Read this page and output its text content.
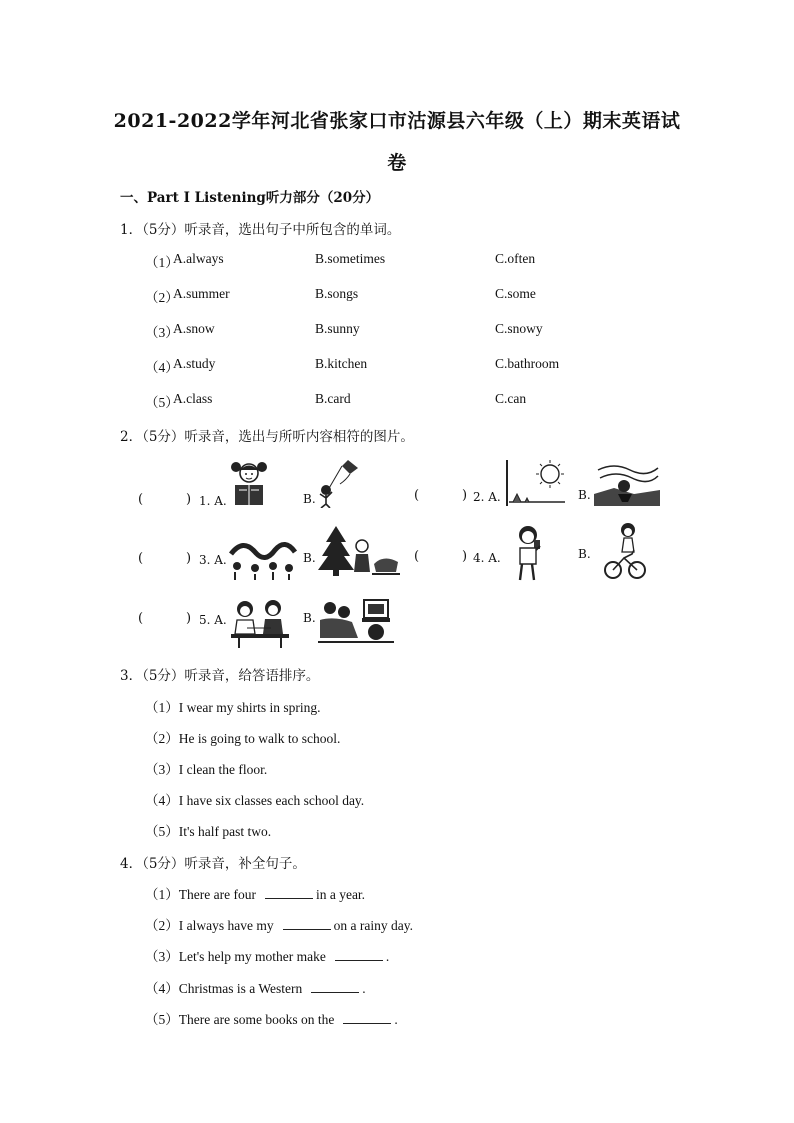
2021-2022学年河北省张家口市沽源县六年级（上）期末英语试
卷
一、Part I Listening听力部分（20分）
1．（5分）听录音，选出句子中所包含的单词。
（1）
A.always	B.sometimes	C.often
（2）
A.summer	B.songs	C.some
（3）
A.snow	B.sunny	C.snowy
（4）
A.study	B.kitchen	C.bathroom
（5）
A.class	B.card	C.can
2．（5分）听录音，选出与所听内容相符的图片。
(	) 1. A.	B.	(	) 2. A.	B.
(	) 3. A.	B.	(	) 4. A.	B.
(	) 5. A.	B.
3．（5分）听录音，给答语排序。
（1）I wear my shirts in spring.
（2）He is going to walk to school.
（3）I clean the floor.
（4）I have six classes each school day.
（5）It's half past two.
4．（5分）听录音，补全句子。
（1）There are four	in a year.
（2）I always have my	on a rainy day.
（3）Let's help my mother make	.
（4）Christmas is a Western	.
（5）There are some books on the	.
